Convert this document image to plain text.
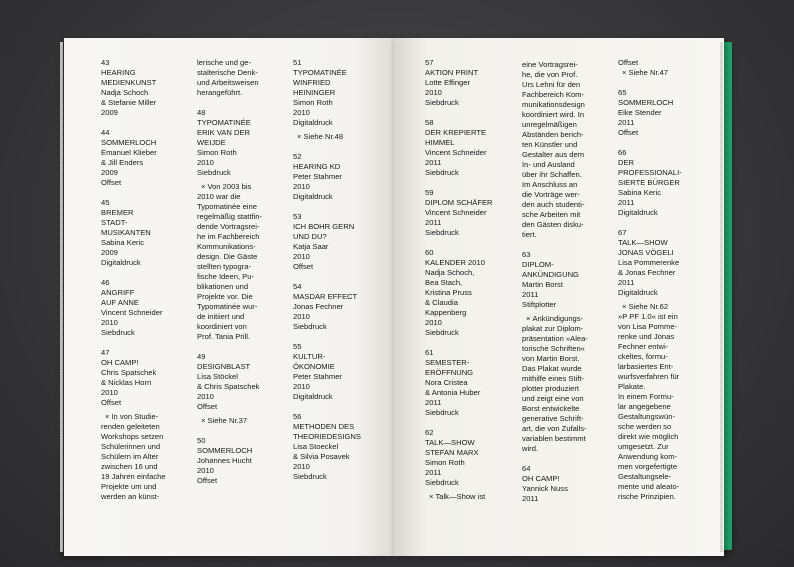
43
HEARING
MEDIENKUNST
Nadja Schoch
& Stefanie Miller
2009
44
SOMMERLOCH
Emanuel Klieber
& Jill Enders
2009
Offset
45
BREMER
STADT-
MUSIKANTEN
Sabina Keric
2009
Digitaldruck
46
ANGRIFF
AUF ANNE
Vincent Schneider
2010
Siebdruck
47
OH CAMP!
Chris Spatschek
& Nicklas Horn
2010
Offset
× In von Studie-
renden geleiteten
Workshops setzen
Schülerinnen und
Schülern im Alter
zwischen 16 und
19 Jahren einfache
Projekte um und
werden an künst-
lerische und ge-
stalterische Denk-
und Arbeitsweisen
herangeführt.
48
TYPOMATINÉE
ERIK VAN DER
WEIJDE
Simon Roth
2010
Siebdruck
× Von 2003 bis
2010 war die
Typomatinée eine
regelmäßig stattfin-
dende Vortragsrei-
he im Fachbereich
Kommunikations-
design. Die Gäste
stellten typogra-
fische Ideen, Pu-
blikationen und
Projekte vor. Die
Typomatinée wur-
de initiiert und
koordiniert von
Prof. Tania Prill.
49
DESIGNBLAST
Lisa Stöckel
& Chris Spatschek
2010
Offset
× Siehe Nr.37
50
SOMMERLOCH
Johannes Hucht
2010
Offset
51
TYPOMATINÉE
WINFRIED
HEININGER
Simon Roth
2010
Digitaldruck
× Siehe Nr.48
52
HEARING KD
Peter Stahmer
2010
Digitaldruck
53
ICH BOHR GERN
UND DU?
Katja Saar
2010
Offset
54
MASDAR EFFECT
Jonas Fechner
2010
Siebdruck
55
KULTUR-
ÖKONOMIE
Peter Stahmer
2010
Digitaldruck
56
METHODEN DES
THEORIEDESIGNS
Lisa Stoeckel
& Silvia Posavek
2010
Siebdruck
57
AKTION PRINT
Lotte Effinger
2010
Siebdruck
58
DER KREPIERTE
HIMMEL
Vincent Schneider
2011
Siebdruck
59
DIPLOM SCHÄFER
Vincent Schneider
2011
Siebdruck
60
KALENDER 2010
Nadja Schoch,
Bea Stach,
Kristina Pruss
& Claudia
Kappenberg
2010
Siebdruck
61
SEMESTER-
ERÖFFNUNG
Nora Cristea
& Antonia Huber
2011
Siebdruck
62
TALK—SHOW
STEFAN MARX
Simon Roth
2011
Siebdruck
× Talk—Show ist
eine Vortragsrei-
he, die von Prof.
Urs Lehni für den
Fachbereich Kom-
munikationsdesign
koordiniert wird. In
unregelmäßigen
Abständen berich-
ten Künstler und
Gestalter aus dem
In- und Ausland
über ihr Schaffen.
Im Anschluss an
die Vorträge wer-
den auch studenti-
sche Arbeiten mit
den Gästen disku-
tiert.
63
DIPLOM-
ANKÜNDIGUNG
Martin Borst
2011
Stiftplotter
× Ankündigungs-
plakat zur Diplom-
präsentation »Alea-
torische Schriften«
von Martin Borst.
Das Plakat wurde
mithilfe eines Stift-
plotter produziert
und zeigt eine von
Borst entwickelte
generative Schrift-
art, die von Zufalls-
variablen bestimmt
wird.
64
OH CAMP!
Yannick Nuss
2011
Offset
× Siehe Nr.47
65
SOMMERLOCH
Eike Stender
2011
Offset
66
DER
PROFESSIONALI-
SIERTE BÜRGER
Sabina Keric
2011
Digitaldruck
67
TALK—SHOW
JONAS VÖGELI
Lisa Pommerenke
& Jonas Fechner
2011
Digitaldruck
× Siehe Nr.62
»P PF 1.0« ist ein
von Lisa Pomme-
renke und Jonas
Fechner entwi-
ckeltes, formu-
larbasiertes Ent-
wurfsverfahren für
Plakate.
In einem Formu-
lar angegebene
Gestaltungswün-
sche werden so
direkt wie möglich
umgesetzt. Zur
Anwendung kom-
men vorgefertigte
Gestaltungsele-
mente und aleato-
rische Prinzipien.
